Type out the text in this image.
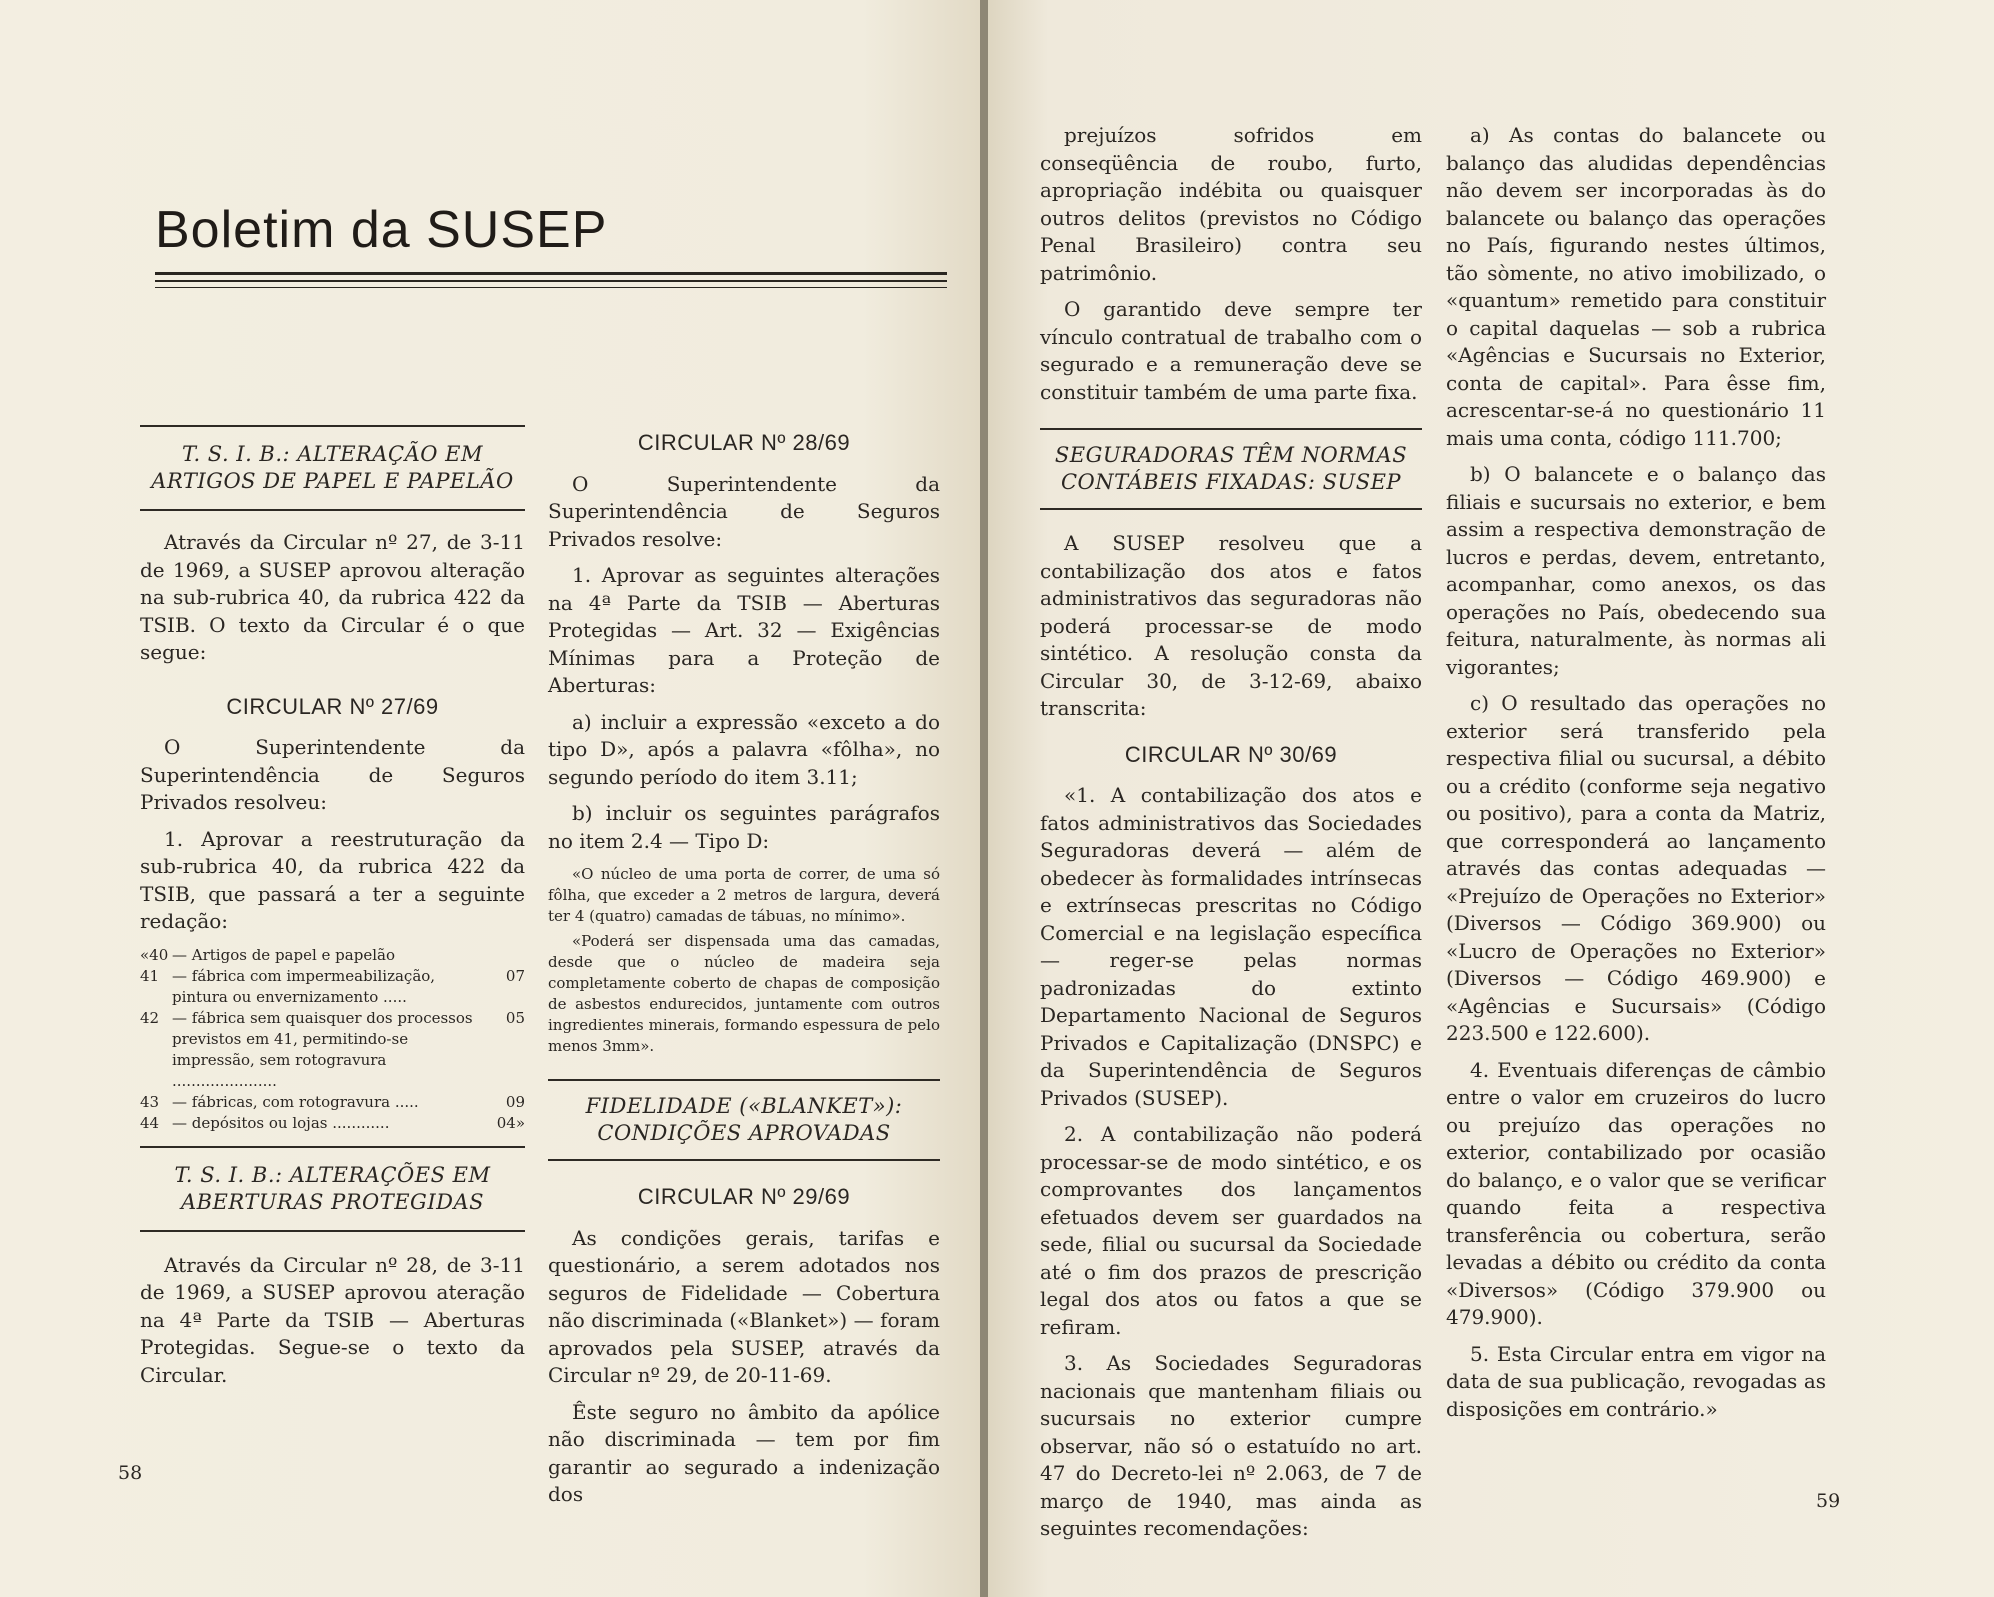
Boletim da SUSEP
T. S. I. B.: ALTERAÇÃO EM ARTIGOS DE PAPEL E PAPELÃO

Através da Circular nº 27, de 3-11 de 1969, a SUSEP aprovou alteração na sub-rubrica 40, da rubrica 422 da TSIB. O texto da Circular é o que segue:

CIRCULAR Nº 27/69

O Superintendente da Superintendência de Seguros Privados resolveu:

1. Aprovar a reestruturação da sub-rubrica 40, da rubrica 422 da TSIB, que passará a ter a seguinte redação:

«40 — Artigos de papel e papelão
41 — fábrica com impermeabilização, pintura ou envernizamento .....
07
42 — fábrica sem quaisquer dos processos previstos em 41, permitindo-se impressão, sem rotogravura ......................
05
43 — fábricas, com rotogravura .....	09
44 — depósitos ou lojas ............	04»
T. S. I. B.: ALTERAÇÕES EM ABERTURAS PROTEGIDAS

Através da Circular nº 28, de 3-11 de 1969, a SUSEP aprovou ateração na 4ª Parte da TSIB — Aberturas Protegidas. Segue-se o texto da Circular.

CIRCULAR Nº 28/69

O Superintendente da Superintendência de Seguros Privados resolve:

1. Aprovar as seguintes alterações na 4ª Parte da TSIB — Aberturas Protegidas — Art. 32 — Exigências Mínimas para a Proteção de Aberturas:

a) incluir a expressão «exceto a do tipo D», após a palavra «fôlha», no segundo período do item 3.11;

b) incluir os seguintes parágrafos no item 2.4 — Tipo D:

«O núcleo de uma porta de correr, de uma só fôlha, que exceder a 2 metros de largura, deverá ter 4 (quatro) camadas de tábuas, no mínimo».

«Poderá ser dispensada uma das camadas, desde que o núcleo de madeira seja completamente coberto de chapas de composição de asbestos endurecidos, juntamente com outros ingredientes minerais, formando espessura de pelo menos 3mm».

FIDELIDADE («BLANKET»): CONDIÇÕES APROVADAS
CIRCULAR Nº 29/69

As condições gerais, tarifas e questionário, a serem adotados nos seguros de Fidelidade — Cobertura não discriminada («Blanket») — foram aprovados pela SUSEP, através da Circular nº 29, de 20-11-69.

Êste seguro no âmbito da apólice não discriminada — tem por fim garantir ao segurado a indenização dos

58

prejuízos sofridos em conseqüência de roubo, furto, apropriação indébita ou quaisquer outros delitos (previstos no Código Penal Brasileiro) contra seu patrimônio.

O garantido deve sempre ter vínculo contratual de trabalho com o segurado e a remuneração deve se constituir também de uma parte fixa.

SEGURADORAS TÊM NORMAS CONTÁBEIS FIXADAS: SUSEP

A SUSEP resolveu que a contabilização dos atos e fatos administrativos das seguradoras não poderá processar-se de modo sintético. A resolução consta da Circular 30, de 3-12-69, abaixo transcrita:

CIRCULAR Nº 30/69

«1. A contabilização dos atos e fatos administrativos das Sociedades Seguradoras deverá — além de obedecer às formalidades intrínsecas e extrínsecas prescritas no Código Comercial e na legislação específica — reger-se pelas normas padronizadas do extinto Departamento Nacional de Seguros Privados e Capitalização (DNSPC) e da Superintendência de Seguros Privados (SUSEP).

2. A contabilização não poderá processar-se de modo sintético, e os comprovantes dos lançamentos efetuados devem ser guardados na sede, filial ou sucursal da Sociedade até o fim dos prazos de prescrição legal dos atos ou fatos a que se refiram.

3. As Sociedades Seguradoras nacionais que mantenham filiais ou sucursais no exterior cumpre observar, não só o estatuído no art. 47 do Decreto-lei nº 2.063, de 7 de março de 1940, mas ainda as seguintes recomendações:

a) As contas do balancete ou balanço das aludidas dependências não devem ser incorporadas às do balancete ou balanço das operações no País, figurando nestes últimos, tão sòmente, no ativo imobilizado, o «quantum» remetido para constituir o capital daquelas — sob a rubrica «Agências e Sucursais no Exterior, conta de capital». Para êsse fim, acrescentar-se-á no questionário 11 mais uma conta, código 111.700;

b) O balancete e o balanço das filiais e sucursais no exterior, e bem assim a respectiva demonstração de lucros e perdas, devem, entretanto, acompanhar, como anexos, os das operações no País, obedecendo sua feitura, naturalmente, às normas ali vigorantes;

c) O resultado das operações no exterior será transferido pela respectiva filial ou sucursal, a débito ou a crédito (conforme seja negativo ou positivo), para a conta da Matriz, que corresponderá ao lançamento através das contas adequadas — «Prejuízo de Operações no Exterior» (Diversos — Código 369.900) ou «Lucro de Operações no Exterior» (Diversos — Código 469.900) e «Agências e Sucursais» (Código 223.500 e 122.600).

4. Eventuais diferenças de câmbio entre o valor em cruzeiros do lucro ou prejuízo das operações no exterior, contabilizado por ocasião do balanço, e o valor que se verificar quando feita a respectiva transferência ou cobertura, serão levadas a débito ou crédito da conta «Diversos» (Código 379.900 ou 479.900).

5. Esta Circular entra em vigor na data de sua publicação, revogadas as disposições em contrário.»

59
